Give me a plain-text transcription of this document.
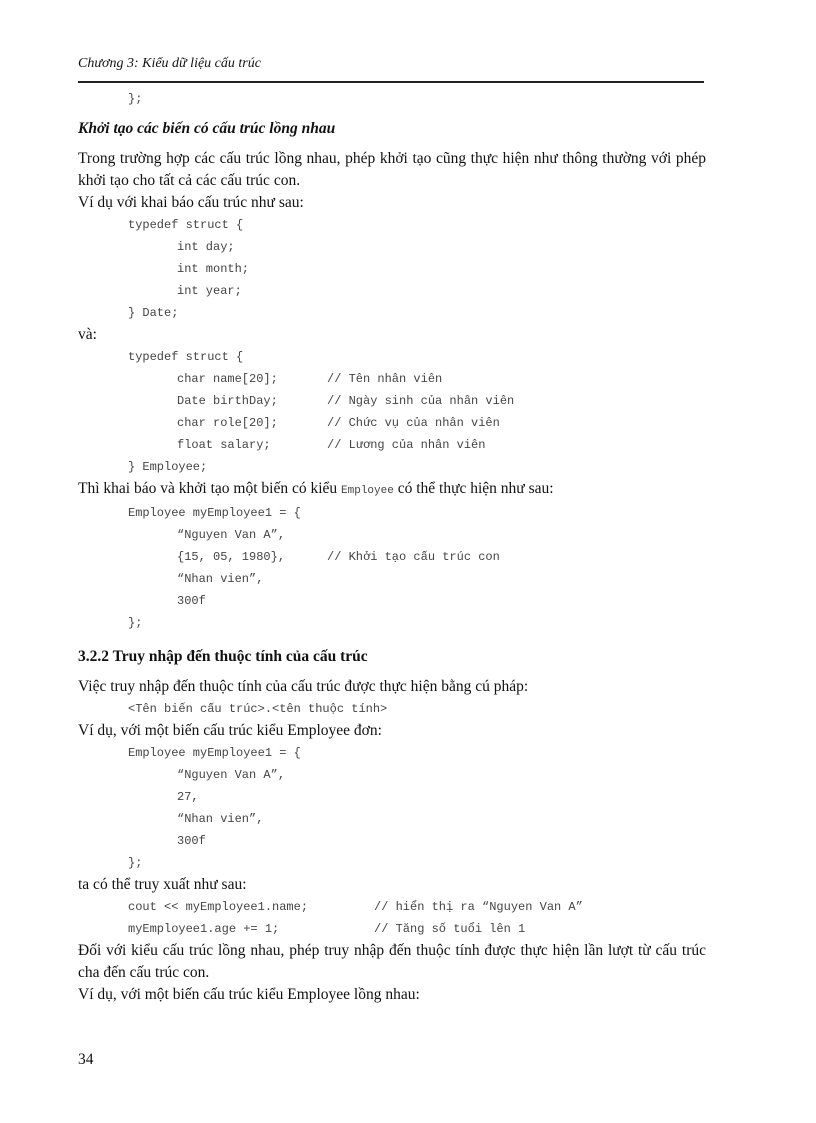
Chương 3: Kiểu dữ liệu cấu trúc
};
Khởi tạo các biến có cấu trúc lồng nhau
Trong trường hợp các cấu trúc lồng nhau, phép khởi tạo cũng thực hiện như thông thường với phép khởi tạo cho tất cả các cấu trúc con.
Ví dụ với khai báo cấu trúc như sau:
typedef struct {
int day;
int month;
int year;
} Date;
và:
typedef struct {
char name[20];	// Tên nhân viên
Date birthDay;	// Ngày sinh của nhân viên
char role[20];	// Chức vụ của nhân viên
float salary;	// Lương của nhân viên
} Employee;
Thì khai báo và khởi tạo một biến có kiểu Employee có thể thực hiện như sau:
Employee myEmployee1 = {
“Nguyen Van A”,
{15, 05, 1980},	// Khởi tạo cấu trúc con
“Nhan vien”,
300f
};
3.2.2 Truy nhập đến thuộc tính của cấu trúc
Việc truy nhập đến thuộc tính của cấu trúc được thực hiện bằng cú pháp:
<Tên biến cấu trúc>.<tên thuộc tính>
Ví dụ, với một biến cấu trúc kiểu Employee đơn:
Employee myEmployee1 = {
“Nguyen Van A”,
27,
“Nhan vien”,
300f
};
ta có thể truy xuất như sau:
cout << myEmployee1.name;	// hiển thị ra “Nguyen Van A”
myEmployee1.age += 1;	// Tăng số tuổi lên 1
Đối với kiểu cấu trúc lồng nhau, phép truy nhập đến thuộc tính được thực hiện lần lượt từ cấu trúc cha đến cấu trúc con.
Ví dụ, với một biến cấu trúc kiểu Employee lồng nhau:
34
